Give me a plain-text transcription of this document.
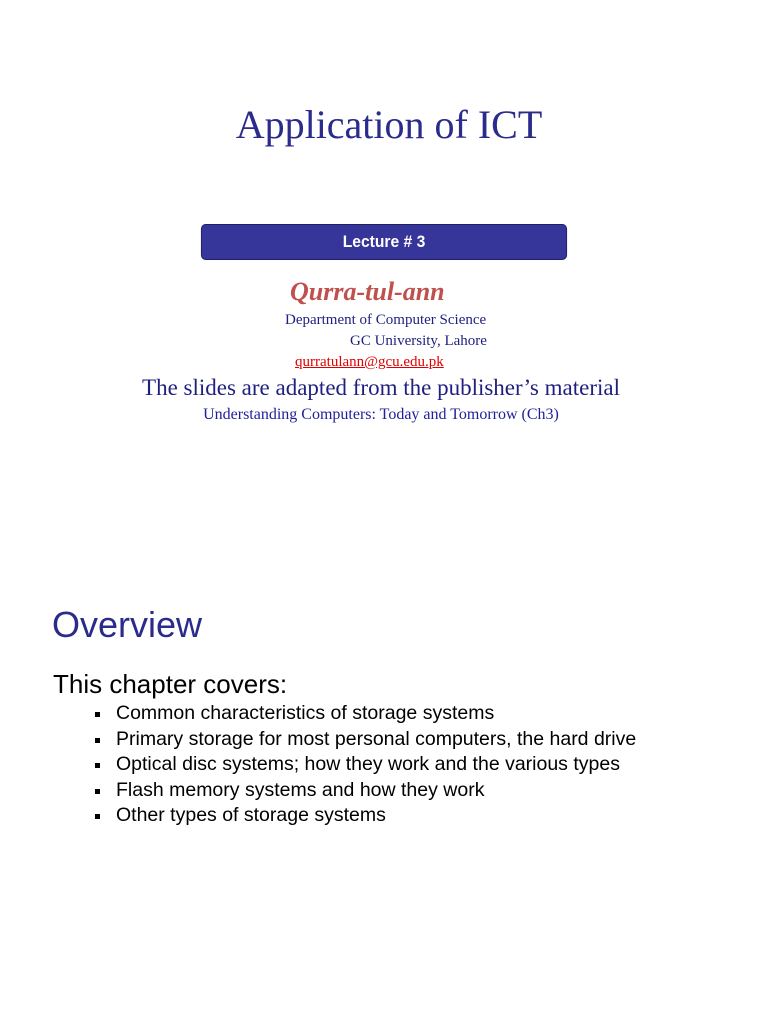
Application of ICT
Lecture # 3
Qurra-tul-ann
Department of Computer Science
GC University, Lahore
qurratulann@gcu.edu.pk
The slides are adapted from the publisher’s material
Understanding Computers: Today and Tomorrow (Ch3)
Overview
This chapter covers:
Common characteristics of storage systems
Primary storage for most personal computers, the hard drive
Optical disc systems; how they work and the various types
Flash memory systems and how they work
Other types of storage systems
